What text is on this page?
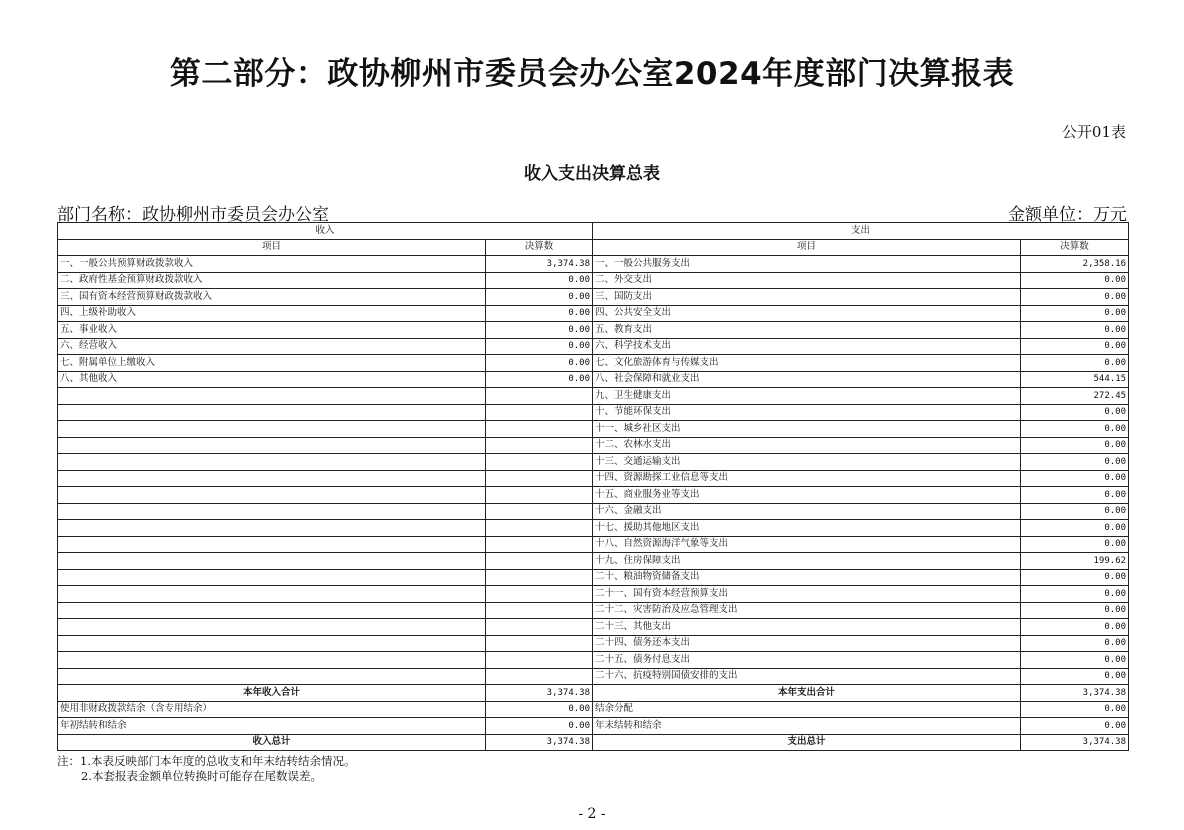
第二部分：政协柳州市委员会办公室2024年度部门决算报表
公开01表
收入支出决算总表
部门名称：政协柳州市委员会办公室	金额单位：万元
收入		支出	
项目	决算数	项目	决算数
一、一般公共预算财政拨款收入	3,374.38	一、一般公共服务支出	2,358.16
二、政府性基金预算财政拨款收入	0.00	二、外交支出	0.00
三、国有资本经营预算财政拨款收入	0.00	三、国防支出	0.00
四、上级补助收入	0.00	四、公共安全支出	0.00
五、事业收入	0.00	五、教育支出	0.00
六、经营收入	0.00	六、科学技术支出	0.00
七、附属单位上缴收入	0.00	七、文化旅游体育与传媒支出	0.00
八、其他收入	0.00	八、社会保障和就业支出	544.15
		九、卫生健康支出	272.45
		十、节能环保支出	0.00
		十一、城乡社区支出	0.00
		十二、农林水支出	0.00
		十三、交通运输支出	0.00
		十四、资源勘探工业信息等支出	0.00
		十五、商业服务业等支出	0.00
		十六、金融支出	0.00
		十七、援助其他地区支出	0.00
		十八、自然资源海洋气象等支出	0.00
		十九、住房保障支出	199.62
		二十、粮油物资储备支出	0.00
		二十一、国有资本经营预算支出	0.00
		二十二、灾害防治及应急管理支出	0.00
		二十三、其他支出	0.00
		二十四、债务还本支出	0.00
		二十五、债务付息支出	0.00
		二十六、抗疫特别国债安排的支出	0.00
本年收入合计	3,374.38	本年支出合计	3,374.38
使用非财政拨款结余（含专用结余）	0.00	结余分配	0.00
年初结转和结余	0.00	年末结转和结余	0.00
收入总计	3,374.38	支出总计	3,374.38
注：1.本表反映部门本年度的总收支和年末结转结余情况。
2.本套报表金额单位转换时可能存在尾数误差。
- 2 -
